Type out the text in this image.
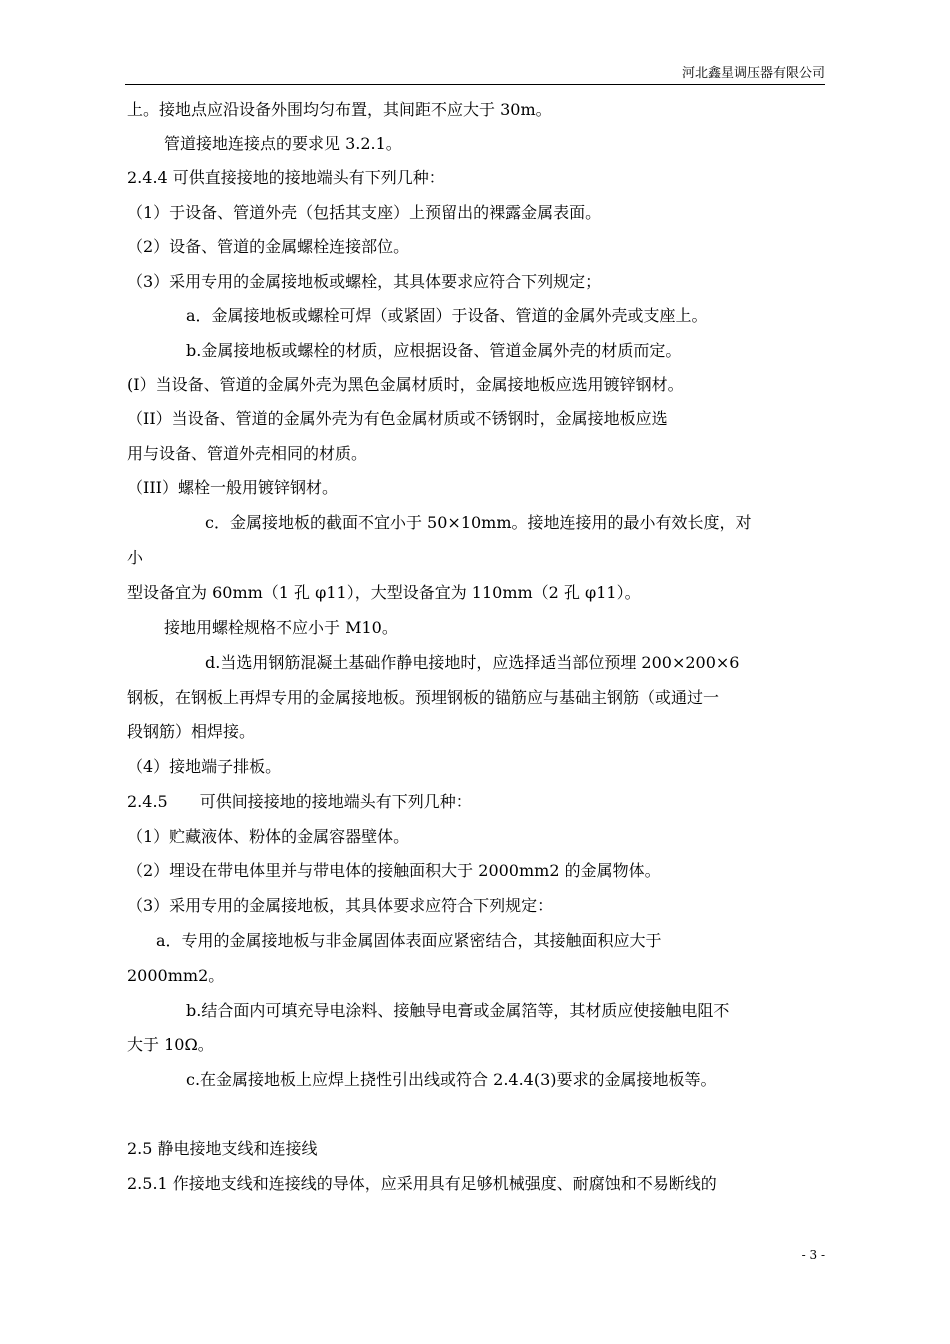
河北鑫星调压器有限公司

上。接地点应沿设备外围均匀布置，其间距不应大于 30m。

管道接地连接点的要求见 3.2.1。

2.4.4 可供直接接地的接地端头有下列几种：

（1）于设备、管道外壳（包括其支座）上预留出的裸露金属表面。

（2）设备、管道的金属螺栓连接部位。

（3）采用专用的金属接地板或螺栓，其具体要求应符合下列规定；

a．金属接地板或螺栓可焊（或紧固）于设备、管道的金属外壳或支座上。

b.金属接地板或螺栓的材质，应根据设备、管道金属外壳的材质而定。

(I）当设备、管道的金属外壳为黑色金属材质时，金属接地板应选用镀锌钢材。

（II）当设备、管道的金属外壳为有色金属材质或不锈钢时，金属接地板应选

用与设备、管道外壳相同的材质。

（III）螺栓一般用镀锌钢材。

c．金属接地板的截面不宜小于 50×10mm。接地连接用的最小有效长度，对

小

型设备宜为 60mm（1 孔 φ11），大型设备宜为 110mm（2 孔 φ11）。

接地用螺栓规格不应小于 M10。

d.当选用钢筋混凝土基础作静电接地时，应选择适当部位预埋 200×200×6

钢板，在钢板上再焊专用的金属接地板。预埋钢板的锚筋应与基础主钢筋（或通过一

段钢筋）相焊接。

（4）接地端子排板。

2.4.5　　可供间接接地的接地端头有下列几种：

（1）贮藏液体、粉体的金属容器壁体。

（2）埋设在带电体里并与带电体的接触面积大于 2000mm2 的金属物体。

（3）采用专用的金属接地板，其具体要求应符合下列规定：

a．专用的金属接地板与非金属固体表面应紧密结合，其接触面积应大于

2000mm2。

b.结合面内可填充导电涂料、接触导电膏或金属箔等，其材质应使接触电阻不

大于 10Ω。

c.在金属接地板上应焊上挠性引出线或符合 2.4.4(3)要求的金属接地板等。

2.5 静电接地支线和连接线

2.5.1 作接地支线和连接线的导体，应采用具有足够机械强度、耐腐蚀和不易断线的

- 3 -
